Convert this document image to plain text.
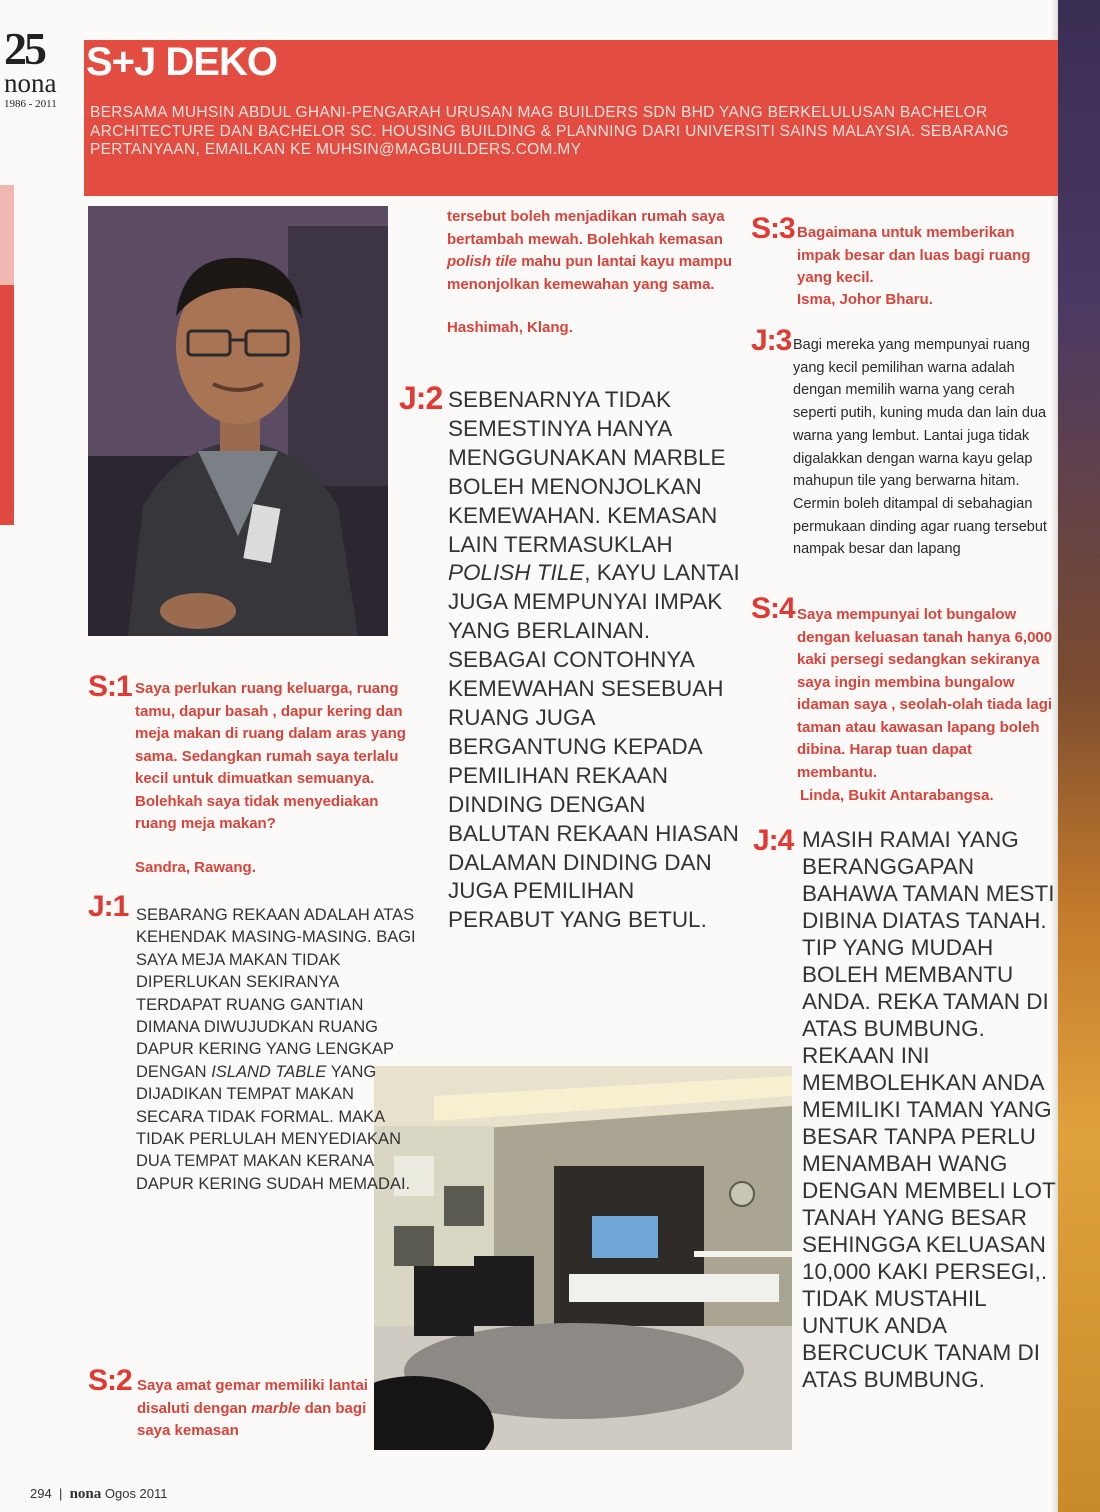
25
nona
1986 - 2011
S+J DEKO
BERSAMA MUHSIN ABDUL GHANI-PENGARAH URUSAN MAG BUILDERS SDN BHD YANG BERKELULUSAN BACHELOR ARCHITECTURE DAN BACHELOR SC. HOUSING BUILDING & PLANNING DARI UNIVERSITI SAINS MALAYSIA. SEBARANG PERTANYAAN, EMAILKAN KE MUHSIN@MAGBUILDERS.COM.MY
S:1 Saya perlukan ruang keluarga, ruang tamu, dapur basah , dapur kering dan meja makan di ruang dalam aras yang sama. Sedangkan rumah saya terlalu kecil untuk dimuatkan semuanya. Bolehkah saya tidak menyediakan ruang meja makan?
Sandra, Rawang.
J:1 SEBARANG REKAAN ADALAH ATAS KEHENDAK MASING-MASING. BAGI SAYA MEJA MAKAN TIDAK DIPERLUKAN SEKIRANYA TERDAPAT RUANG GANTIAN DIMANA DIWUJUDKAN RUANG DAPUR KERING YANG LENGKAP DENGAN ISLAND TABLE YANG DIJADIKAN TEMPAT MAKAN SECARA TIDAK FORMAL. MAKA TIDAK PERLULAH MENYEDIAKAN DUA TEMPAT MAKAN KERANA DAPUR KERING SUDAH MEMADAI.
S:2 Saya amat gemar memiliki lantai disaluti dengan marble dan bagi saya kemasan
tersebut boleh menjadikan rumah saya bertambah mewah. Bolehkah kemasan polish tile mahu pun lantai kayu mampu menonjolkan kemewahan yang sama.
Hashimah, Klang.
J:2 SEBENARNYA TIDAK SEMESTINYA HANYA MENGGUNAKAN MARBLE BOLEH MENONJOLKAN KEMEWAHAN. KEMASAN LAIN TERMASUKLAH POLISH TILE, KAYU LANTAI JUGA MEMPUNYAI IMPAK YANG BERLAINAN. SEBAGAI CONTOHNYA KEMEWAHAN SESEBUAH RUANG JUGA BERGANTUNG KEPADA PEMILIHAN REKAAN DINDING DENGAN BALUTAN REKAAN HIASAN DALAMAN DINDING DAN JUGA PEMILIHAN PERABUT YANG BETUL.
S:3 Bagaimana untuk memberikan impak besar dan luas bagi ruang yang kecil.
Isma, Johor Bharu.
J:3 Bagi mereka yang mempunyai ruang yang kecil pemilihan warna adalah dengan memilih warna yang cerah seperti putih, kuning muda dan lain dua warna yang lembut. Lantai juga tidak digalakkan dengan warna kayu gelap mahupun tile yang berwarna hitam. Cermin boleh ditampal di sebahagian permukaan dinding agar ruang tersebut nampak besar dan lapang
S:4 Saya mempunyai lot bungalow dengan keluasan tanah hanya 6,000 kaki persegi sedangkan sekiranya saya ingin membina bungalow idaman saya , seolah-olah tiada lagi taman atau kawasan lapang boleh dibina. Harap tuan dapat membantu.
Linda, Bukit Antarabangsa.
J:4 MASIH RAMAI YANG BERANGGAPAN BAHAWA TAMAN MESTI DIBINA DIATAS TANAH. TIP YANG MUDAH BOLEH MEMBANTU ANDA. REKA TAMAN DI ATAS BUMBUNG. REKAAN INI MEMBOLEHKAN ANDA MEMILIKI TAMAN YANG BESAR TANPA PERLU MENAMBAH WANG DENGAN MEMBELI LOT TANAH YANG BESAR SEHINGGA KELUASAN 10,000 KAKI PERSEGI,. TIDAK MUSTAHIL UNTUK ANDA BERCUCUK TANAM DI ATAS BUMBUNG.
294 | nona Ogos 2011
